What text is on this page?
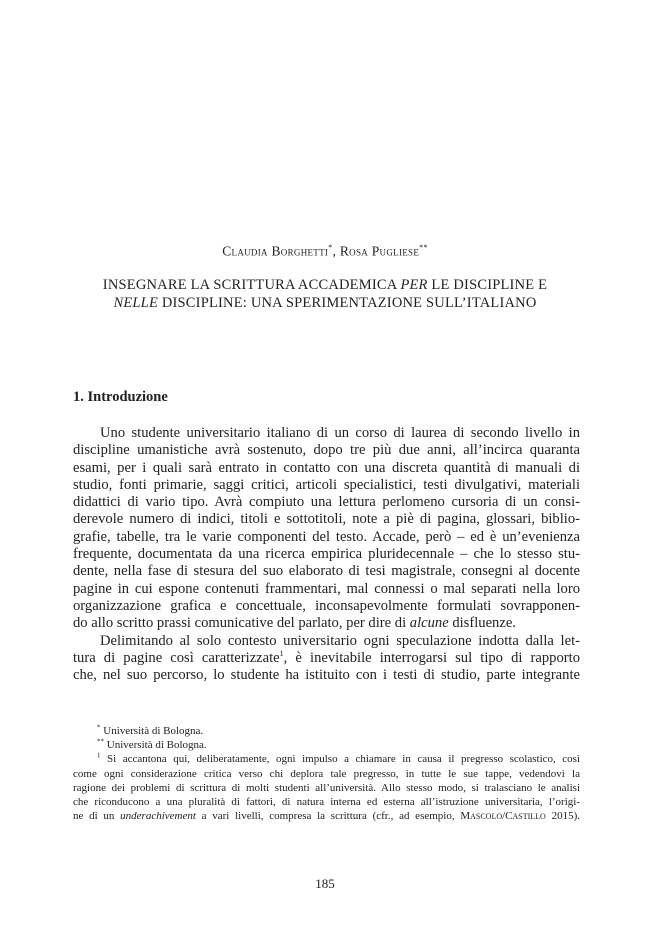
Claudia Borghetti*, Rosa Pugliese**
INSEGNARE LA SCRITTURA ACCADEMICA PER LE DISCIPLINE E
NELLE DISCIPLINE: UNA SPERIMENTAZIONE SULL’ITALIANO
1. Introduzione
Uno studente universitario italiano di un corso di laurea di secondo livello in
discipline umanistiche avrà sostenuto, dopo tre più due anni, all’incirca quaranta
esami, per i quali sarà entrato in contatto con una discreta quantità di manuali di
studio, fonti primarie, saggi critici, articoli specialistici, testi divulgativi, materiali
didattici di vario tipo. Avrà compiuto una lettura perlomeno cursoria di un consi-
derevole numero di indici, titoli e sottotitoli, note a piè di pagina, glossari, biblio-
grafie, tabelle, tra le varie componenti del testo. Accade, però – ed è un’evenienza
frequente, documentata da una ricerca empirica pluridecennale – che lo stesso stu-
dente, nella fase di stesura del suo elaborato di tesi magistrale, consegni al docente
pagine in cui espone contenuti frammentari, mal connessi o mal separati nella loro
organizzazione grafica e concettuale, inconsapevolmente formulati sovrapponen-
do allo scritto prassi comunicative del parlato, per dire di alcune disfluenze.
Delimitando al solo contesto universitario ogni speculazione indotta dalla let-
tura di pagine così caratterizzate$^1$, è inevitabile interrogarsi sul tipo di rapporto
che, nel suo percorso, lo studente ha istituito con i testi di studio, parte integrante
* Università di Bologna.
** Università di Bologna.
$^1$ Si accantona qui, deliberatamente, ogni impulso a chiamare in causa il pregresso scolastico, così
come ogni considerazione critica verso chi deplora tale pregresso, in tutte le sue tappe, vedendovi la
ragione dei problemi di scrittura di molti studenti all’università. Allo stesso modo, si tralasciano le analisi
che riconducono a una pluralità di fattori, di natura interna ed esterna all’istruzione universitaria, l’origi-
ne di un underachivement a vari livelli, compresa la scrittura (cfr., ad esempio, Mascolo/Castillo 2015).
185
